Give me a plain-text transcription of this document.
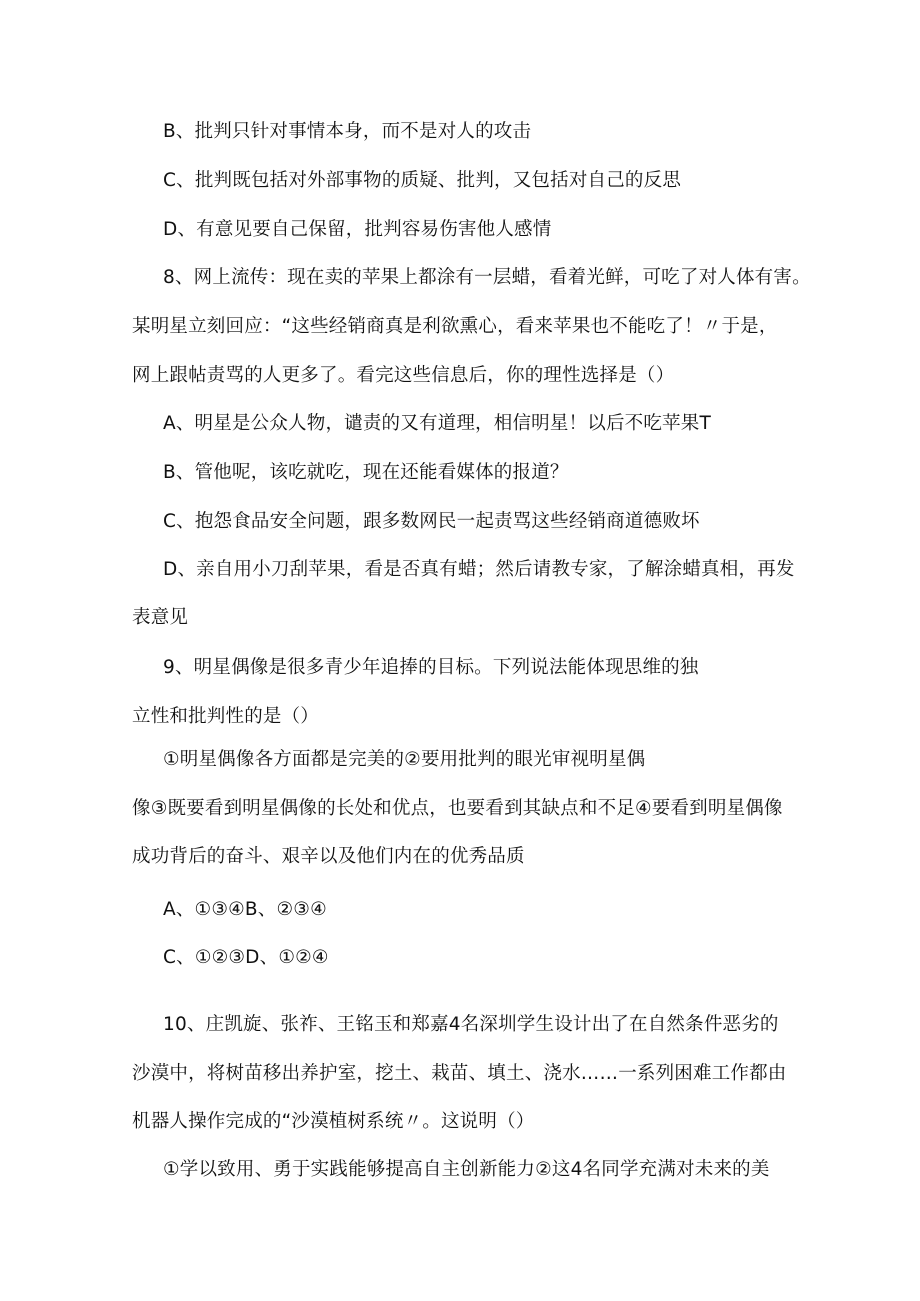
B、批判只针对事情本身，而不是对人的攻击
C、批判既包括对外部事物的质疑、批判，又包括对自己的反思
D、有意见要自己保留，批判容易伤害他人感情
8、网上流传：现在卖的苹果上都涂有一层蜡，看着光鲜，可吃了对人体有害。
某明星立刻回应：“这些经销商真是利欲熏心，看来苹果也不能吃了！〃于是，
网上跟帖责骂的人更多了。看完这些信息后，你的理性选择是（）
A、明星是公众人物，谴责的又有道理，相信明星！以后不吃苹果T
B、管他呢，该吃就吃，现在还能看媒体的报道？
C、抱怨食品安全问题，跟多数网民一起责骂这些经销商道德败坏
D、亲自用小刀刮苹果，看是否真有蜡；然后请教专家，了解涂蜡真相，再发
表意见
9、明星偶像是很多青少年追捧的目标。下列说法能体现思维的独
立性和批判性的是（）
①明星偶像各方面都是完美的②要用批判的眼光审视明星偶
像③既要看到明星偶像的长处和优点，也要看到其缺点和不足④要看到明星偶像
成功背后的奋斗、艰辛以及他们内在的优秀品质
A、①③④B、②③④
C、①②③D、①②④
10、庄凯旋、张祚、王铭玉和郑嘉4名深圳学生设计出了在自然条件恶劣的
沙漠中，将树苗移出养护室，挖土、栽苗、填土、浇水……一系列困难工作都由
机器人操作完成的“沙漠植树系统〃。这说明（）
①学以致用、勇于实践能够提高自主创新能力②这4名同学充满对未来的美
